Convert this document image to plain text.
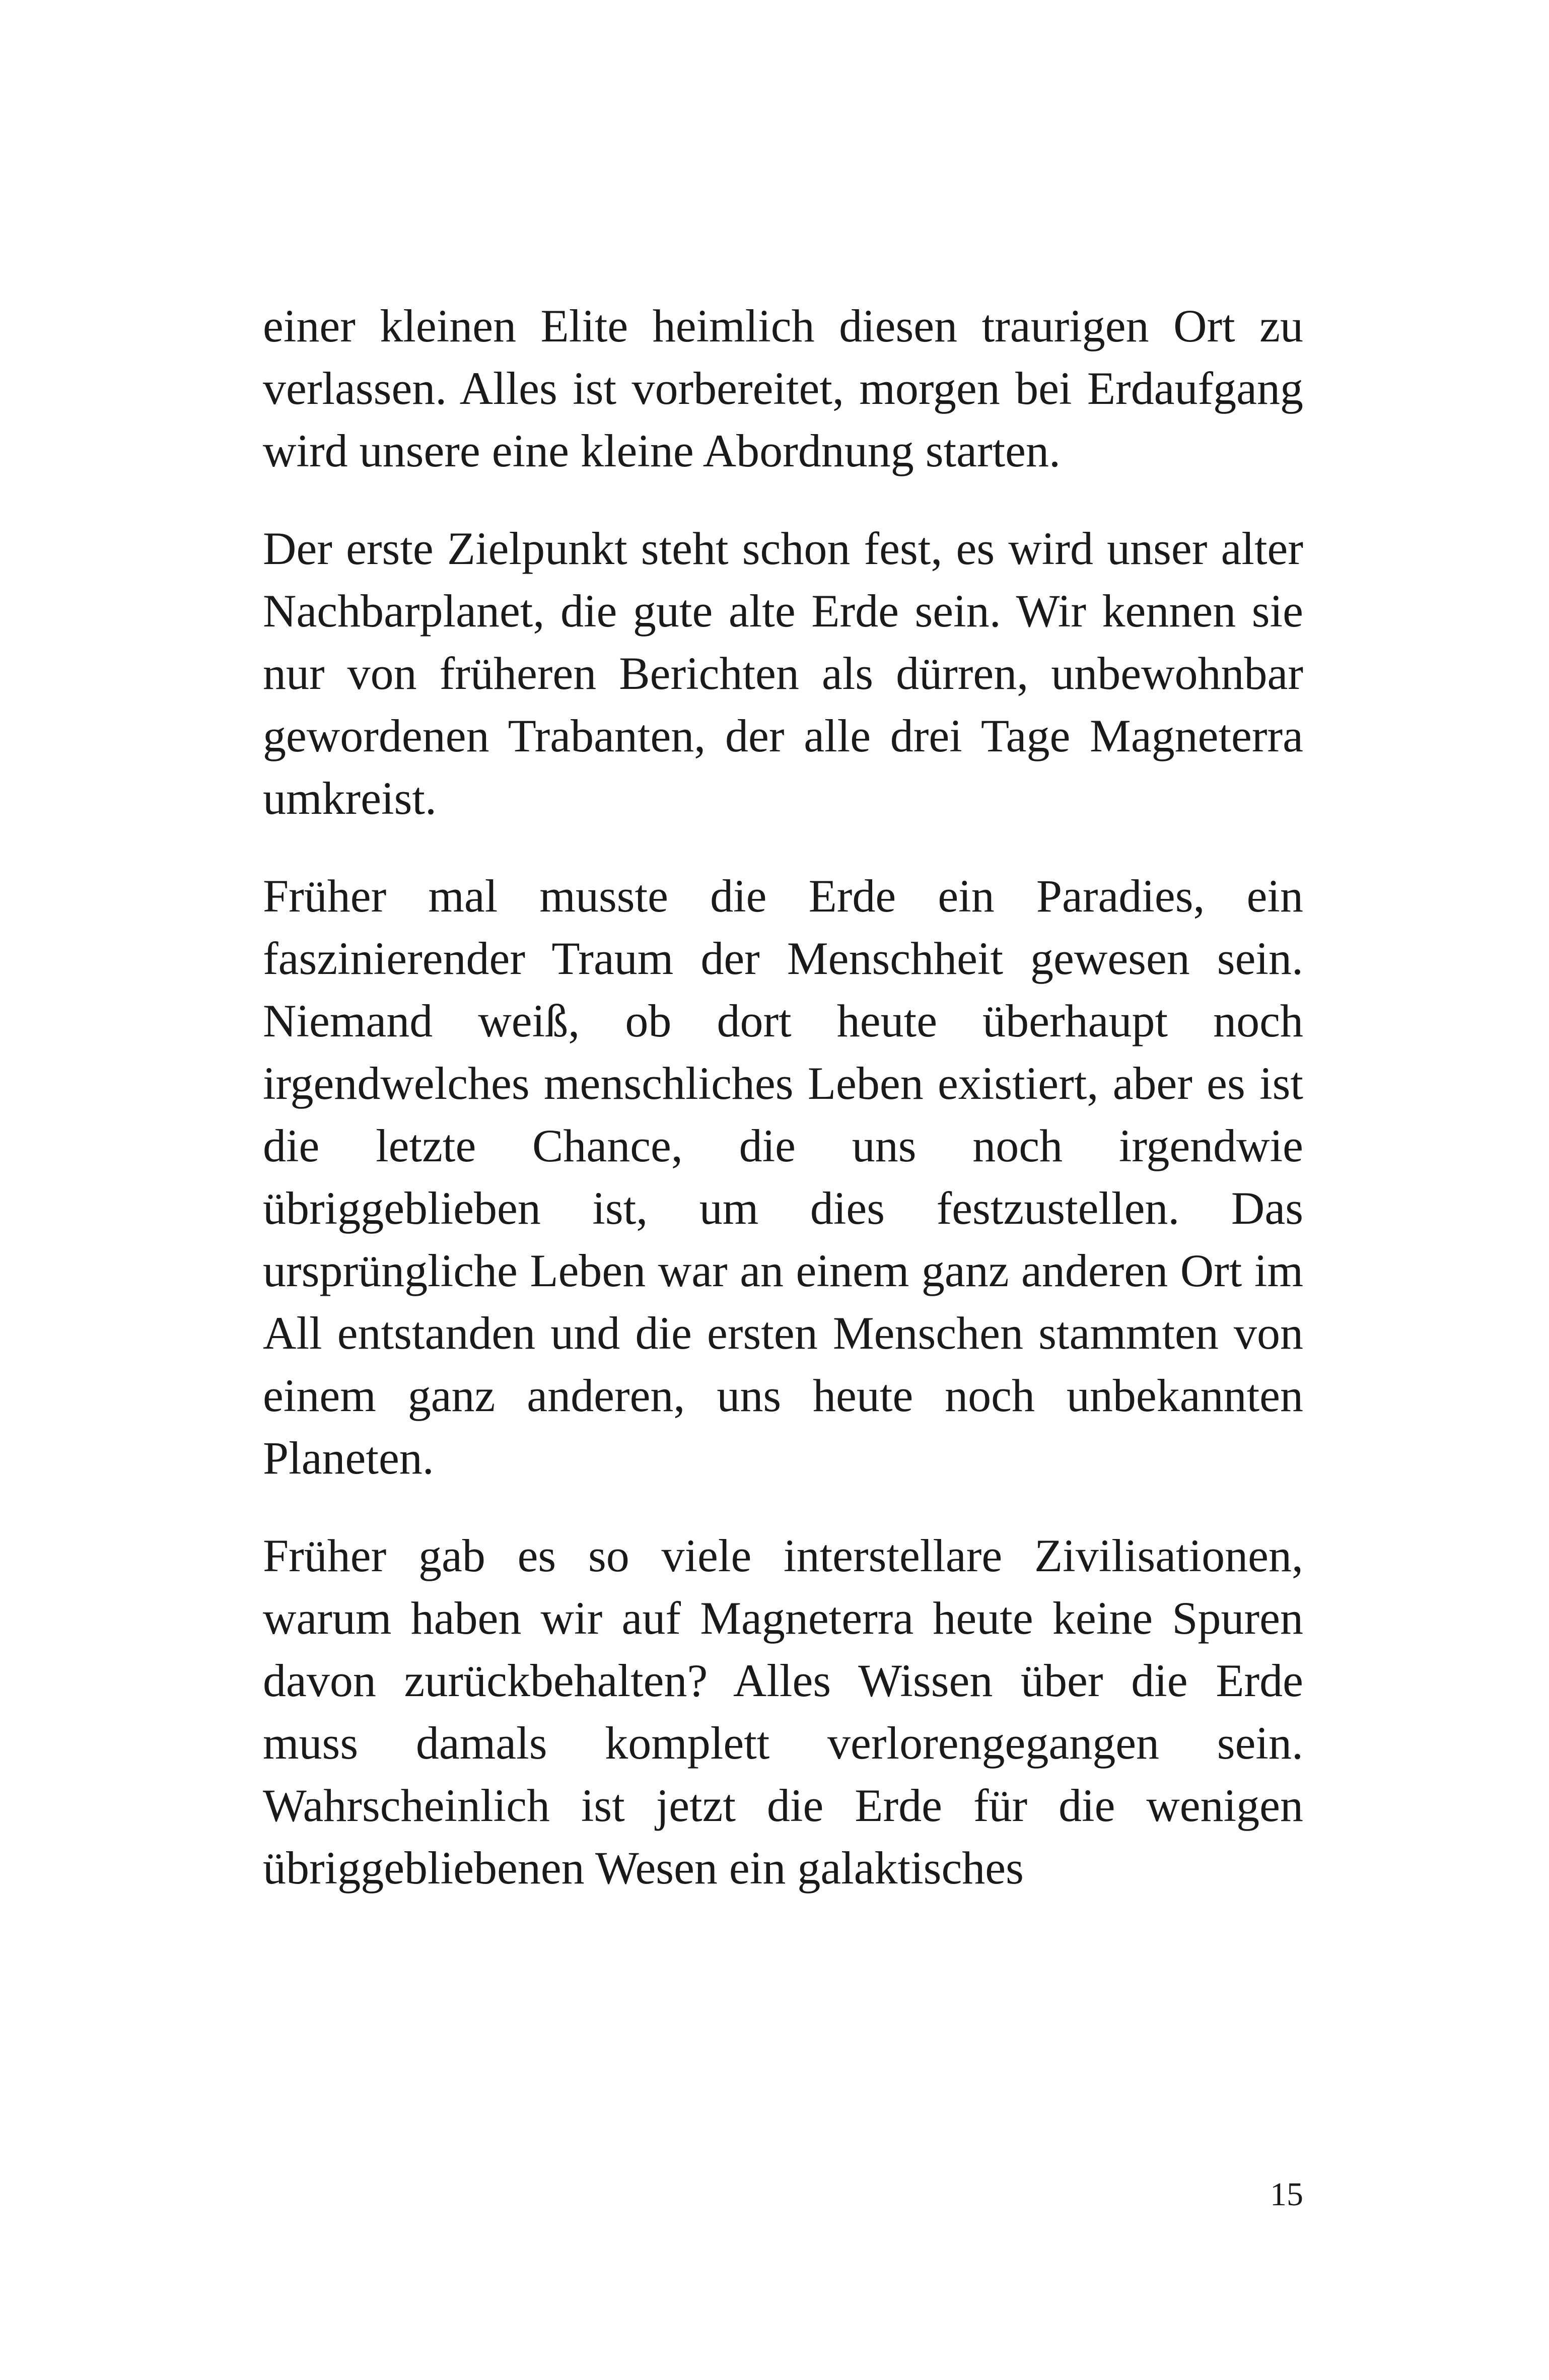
einer kleinen Elite heimlich diesen traurigen Ort zu verlassen. Alles ist vorbereitet, morgen bei Erdaufgang wird unsere eine kleine Abordnung starten.

Der erste Zielpunkt steht schon fest, es wird unser alter Nachbarplanet, die gute alte Erde sein. Wir kennen sie nur von früheren Berichten als dürren, unbewohnbar gewordenen Trabanten, der alle drei Tage Magneterra umkreist.

Früher mal musste die Erde ein Paradies, ein faszinierender Traum der Menschheit gewesen sein. Niemand weiß, ob dort heute überhaupt noch irgendwelches menschliches Leben existiert, aber es ist die letzte Chance, die uns noch irgendwie übriggeblieben ist, um dies festzustellen. Das ursprüngliche Leben war an einem ganz anderen Ort im All entstanden und die ersten Menschen stammten von einem ganz anderen, uns heute noch unbekannten Planeten.

Früher gab es so viele interstellare Zivilisationen, warum haben wir auf Magneterra heute keine Spuren davon zurückbehalten? Alles Wissen über die Erde muss damals komplett verlorengegangen sein. Wahrscheinlich ist jetzt die Erde für die wenigen übriggebliebenen Wesen ein galaktisches

15
